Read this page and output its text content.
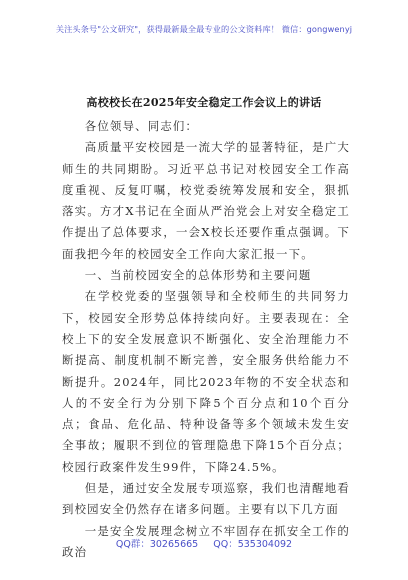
关注头条号"公文研究"，获得最新最全最专业的公文资料库！ 微信：gongwenyj
高校校长在2025年安全稳定工作会议上的讲话

各位领导、同志们：

高质量平安校园是一流大学的显著特征，是广大师生的共同期盼。习近平总书记对校园安全工作高度重视、反复叮嘱，校党委统筹发展和安全，狠抓落实。方才X书记在全面从严治党会上对安全稳定工作提出了总体要求，一会X校长还要作重点强调。下面我把今年的校园安全工作向大家汇报一下。

一、当前校园安全的总体形势和主要问题

在学校党委的坚强领导和全校师生的共同努力下，校园安全形势总体持续向好。主要表现在：全校上下的安全发展意识不断强化、安全治理能力不断提高、制度机制不断完善，安全服务供给能力不断提升。2024年，同比2023年物的不安全状态和人的不安全行为分别下降5个百分点和10个百分点；食品、危化品、特种设备等多个领域未发生安全事故；履职不到位的管理隐患下降15个百分点；校园行政案件发生99件，下降24.5%。

但是，通过安全发展专项巡察，我们也清醒地看到校园安全仍然存在诸多问题。主要有以下几方面

一是安全发展理念树立不牢固存在抓安全工作的政治

QQ群：30265665 QQ：535304092
